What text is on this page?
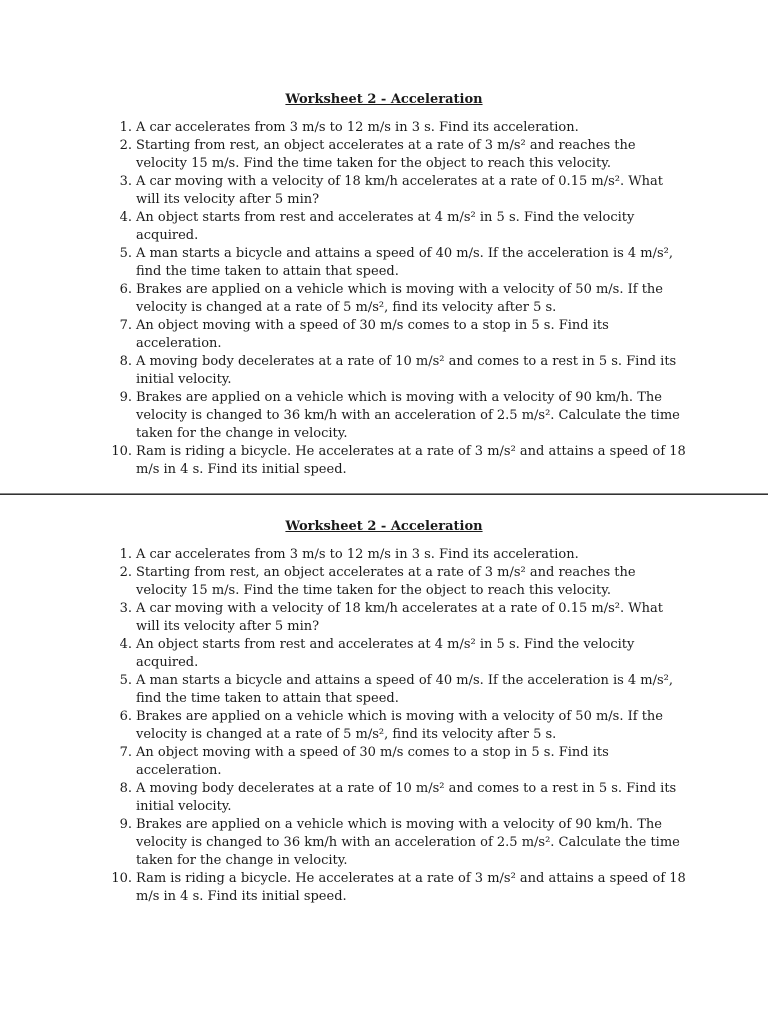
Worksheet 2 - Acceleration
1. A car accelerates from 3 m/s to 12 m/s in 3 s. Find its acceleration.
2. Starting from rest, an object accelerates at a rate of 3 m/s² and reaches the velocity 15 m/s. Find the time taken for the object to reach this velocity.
3. A car moving with a velocity of 18 km/h accelerates at a rate of 0.15 m/s². What will its velocity after 5 min?
4. An object starts from rest and accelerates at 4 m/s² in 5 s. Find the velocity acquired.
5. A man starts a bicycle and attains a speed of 40 m/s. If the acceleration is 4 m/s², find the time taken to attain that speed.
6. Brakes are applied on a vehicle which is moving with a velocity of 50 m/s. If the velocity is changed at a rate of 5 m/s², find its velocity after 5 s.
7. An object moving with a speed of 30 m/s comes to a stop in 5 s. Find its acceleration.
8. A moving body decelerates at a rate of 10 m/s² and comes to a rest in 5 s. Find its initial velocity.
9. Brakes are applied on a vehicle which is moving with a velocity of 90 km/h. The velocity is changed to 36 km/h with an acceleration of 2.5 m/s². Calculate the time taken for the change in velocity.
10. Ram is riding a bicycle. He accelerates at a rate of 3 m/s² and attains a speed of 18 m/s in 4 s. Find its initial speed.
Worksheet 2 - Acceleration
1. A car accelerates from 3 m/s to 12 m/s in 3 s. Find its acceleration.
2. Starting from rest, an object accelerates at a rate of 3 m/s² and reaches the velocity 15 m/s. Find the time taken for the object to reach this velocity.
3. A car moving with a velocity of 18 km/h accelerates at a rate of 0.15 m/s². What will its velocity after 5 min?
4. An object starts from rest and accelerates at 4 m/s² in 5 s. Find the velocity acquired.
5. A man starts a bicycle and attains a speed of 40 m/s. If the acceleration is 4 m/s², find the time taken to attain that speed.
6. Brakes are applied on a vehicle which is moving with a velocity of 50 m/s. If the velocity is changed at a rate of 5 m/s², find its velocity after 5 s.
7. An object moving with a speed of 30 m/s comes to a stop in 5 s. Find its acceleration.
8. A moving body decelerates at a rate of 10 m/s² and comes to a rest in 5 s. Find its initial velocity.
9. Brakes are applied on a vehicle which is moving with a velocity of 90 km/h. The velocity is changed to 36 km/h with an acceleration of 2.5 m/s². Calculate the time taken for the change in velocity.
10. Ram is riding a bicycle. He accelerates at a rate of 3 m/s² and attains a speed of 18 m/s in 4 s. Find its initial speed.
